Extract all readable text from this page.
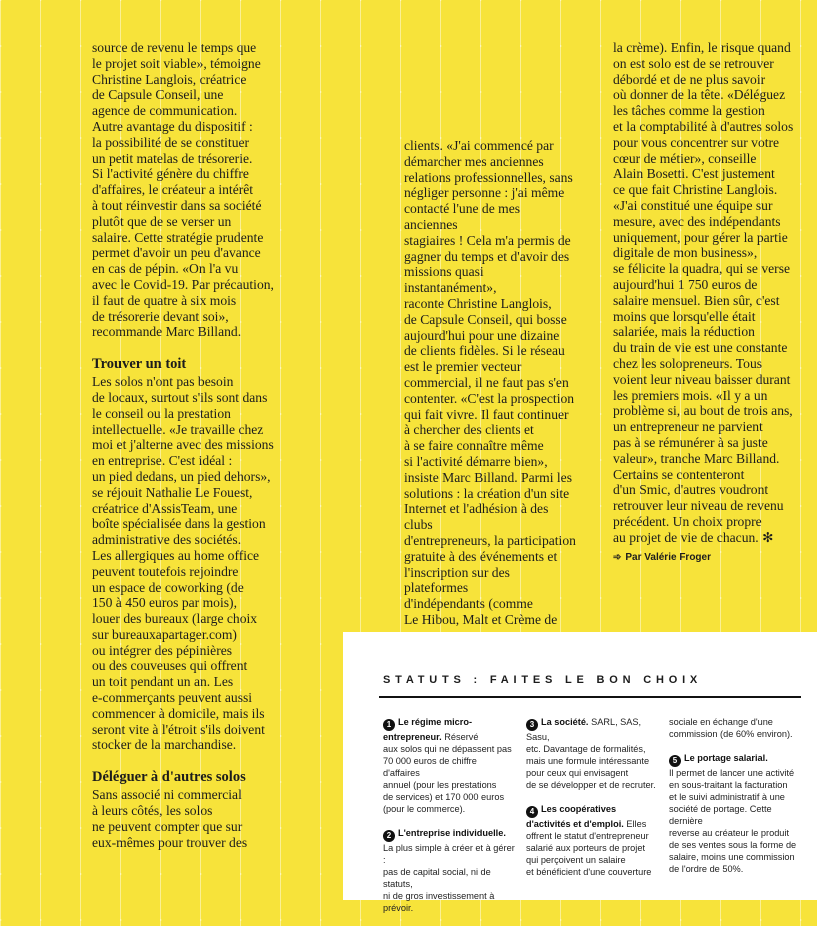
source de revenu le temps que
le projet soit viable», témoigne
Christine Langlois, créatrice
de Capsule Conseil, une
agence de communication.
Autre avantage du dispositif :
la possibilité de se constituer
un petit matelas de trésorerie.
Si l'activité génère du chiffre
d'affaires, le créateur a intérêt
à tout réinvestir dans sa société
plutôt que de se verser un
salaire. Cette stratégie prudente
permet d'avoir un peu d'avance
en cas de pépin. «On l'a vu
avec le Covid-19. Par précaution,
il faut de quatre à six mois
de trésorerie devant soi»,
recommande Marc Billand.

Trouver un toit

Les solos n'ont pas besoin
de locaux, surtout s'ils sont dans
le conseil ou la prestation
intellectuelle. «Je travaille chez
moi et j'alterne avec des missions
en entreprise. C'est idéal :
un pied dedans, un pied dehors»,
se réjouit Nathalie Le Fouest,
créatrice d'AssisTeam, une
boîte spécialisée dans la gestion
administrative des sociétés.
Les allergiques au home office
peuvent toutefois rejoindre
un espace de coworking (de
150 à 450 euros par mois),
louer des bureaux (large choix
sur bureauxapartager.com)
ou intégrer des pépinières
ou des couveuses qui offrent
un toit pendant un an. Les
e-commerçants peuvent aussi
commencer à domicile, mais ils
seront vite à l'étroit s'ils doivent
stocker de la marchandise.

Déléguer à d'autres solos

Sans associé ni commercial
à leurs côtés, les solos
ne peuvent compter que sur
eux-mêmes pour trouver des

clients. «J'ai commencé par
démarcher mes anciennes
relations professionnelles, sans
négliger personne : j'ai même
contacté l'une de mes anciennes
stagiaires ! Cela m'a permis de
gagner du temps et d'avoir des
missions quasi instantanément»,
raconte Christine Langlois,
de Capsule Conseil, qui bosse
aujourd'hui pour une dizaine
de clients fidèles. Si le réseau
est le premier vecteur
commercial, il ne faut pas s'en
contenter. «C'est la prospection
qui fait vivre. Il faut continuer
à chercher des clients et
à se faire connaître même
si l'activité démarre bien»,
insiste Marc Billand. Parmi les
solutions : la création d'un site
Internet et l'adhésion à des clubs
d'entrepreneurs, la participation
gratuite à des événements et
l'inscription sur des plateformes
d'indépendants (comme
Le Hibou, Malt et Crème de

la crème). Enfin, le risque quand
on est solo est de se retrouver
débordé et de ne plus savoir
où donner de la tête. «Déléguez
les tâches comme la gestion
et la comptabilité à d'autres solos
pour vous concentrer sur votre
cœur de métier», conseille
Alain Bosetti. C'est justement
ce que fait Christine Langlois.
«J'ai constitué une équipe sur
mesure, avec des indépendants
uniquement, pour gérer la partie
digitale de mon business»,
se félicite la quadra, qui se verse
aujourd'hui 1 750 euros de
salaire mensuel. Bien sûr, c'est
moins que lorsqu'elle était
salariée, mais la réduction
du train de vie est une constante
chez les solopreneurs. Tous
voient leur niveau baisser durant
les premiers mois. «Il y a un
problème si, au bout de trois ans,
un entrepreneur ne parvient
pas à se rémunérer à sa juste
valeur», tranche Marc Billand.
Certains se contenteront
d'un Smic, d'autres voudront
retrouver leur niveau de revenu
précédent. Un choix propre
au projet de vie de chacun. ✻

➾ Par Valérie Froger
STATUTS : FAITES LE BON CHOIX
1 Le régime micro-entrepreneur. Réservé
aux solos qui ne dépassent pas
70 000 euros de chiffre d'affaires
annuel (pour les prestations
de services) et 170 000 euros
(pour le commerce).
2 L'entreprise individuelle.
La plus simple à créer et à gérer :
pas de capital social, ni de statuts,
ni de gros investissement à prévoir.
3 La société. SARL, SAS, Sasu,
etc. Davantage de formalités,
mais une formule intéressante
pour ceux qui envisagent
de se développer et de recruter.
4 Les coopératives
d'activités et d'emploi. Elles
offrent le statut d'entrepreneur
salarié aux porteurs de projet
qui perçoivent un salaire
et bénéficient d'une couverture
sociale en échange d'une
commission (de 60% environ).
5 Le portage salarial.
Il permet de lancer une activité
en sous-traitant la facturation
et le suivi administratif à une
société de portage. Cette dernière
reverse au créateur le produit
de ses ventes sous la forme de
salaire, moins une commission
de l'ordre de 50%.
